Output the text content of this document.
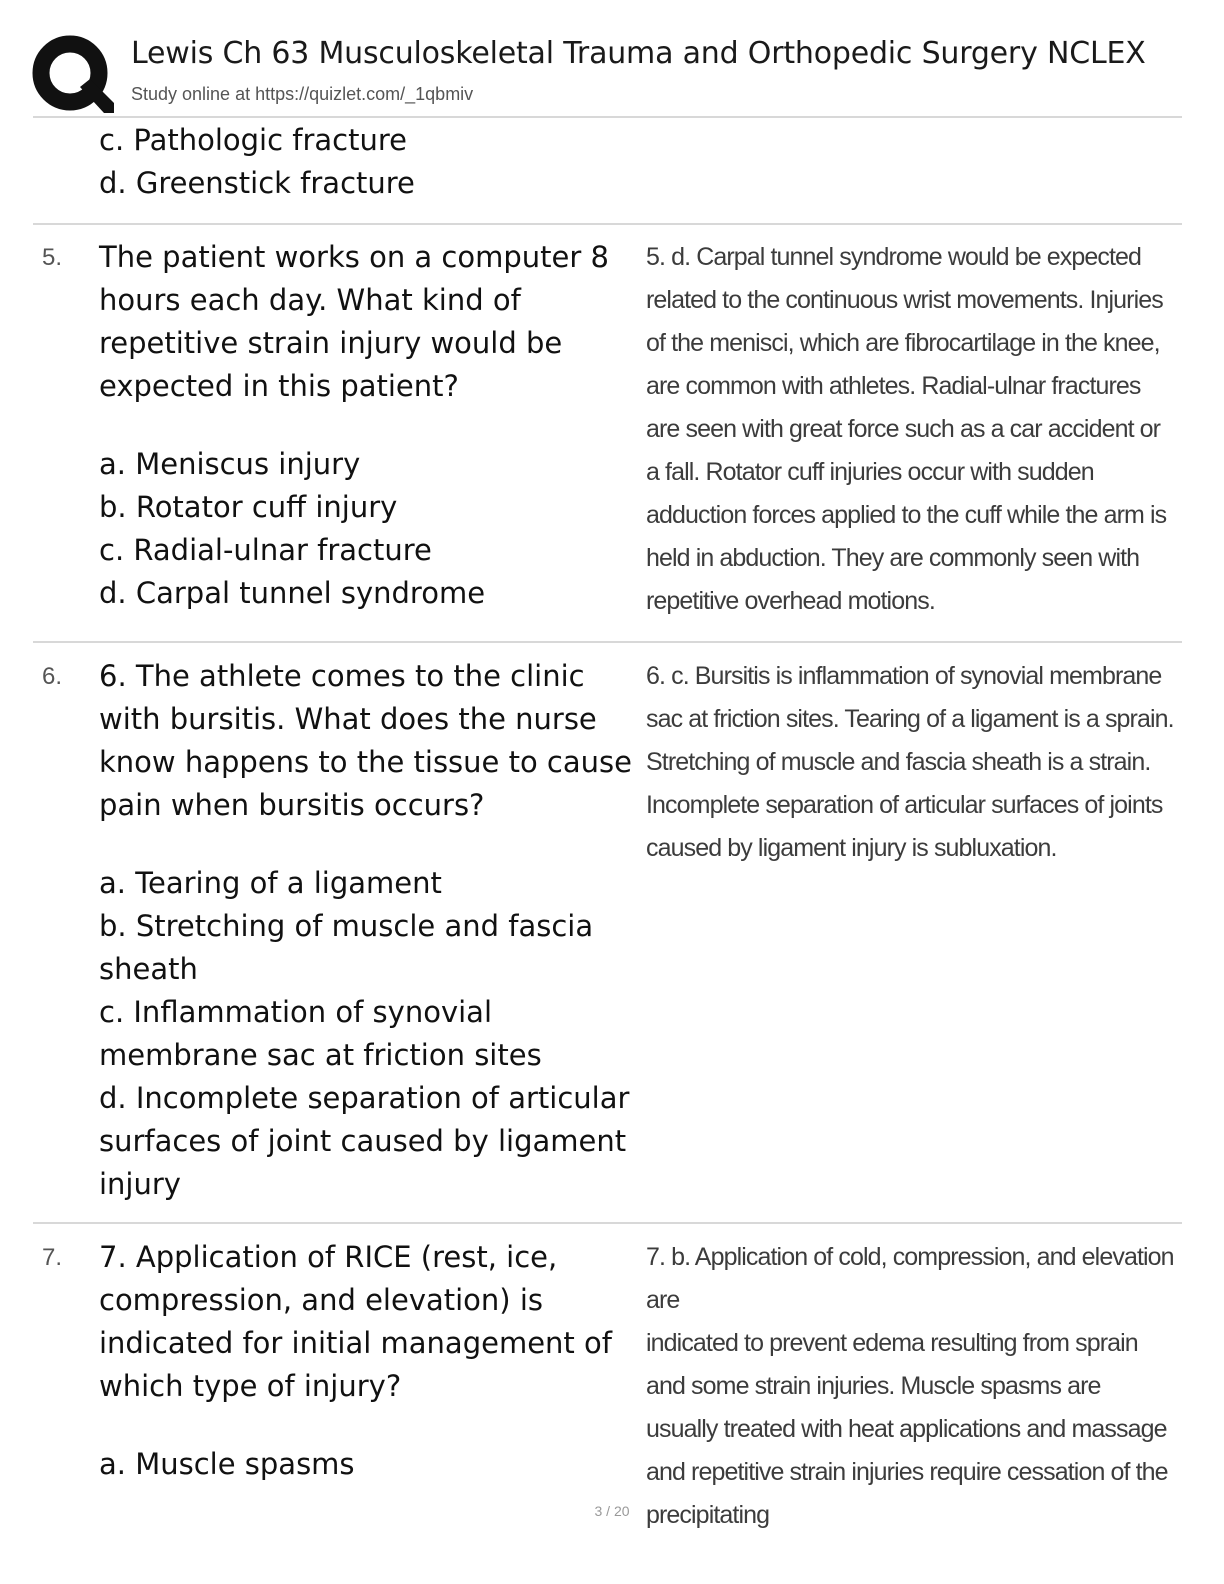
Lewis Ch 63 Musculoskeletal Trauma and Orthopedic Surgery NCLEX
Study online at https://quizlet.com/_1qbmiv
c. Pathologic fracture
d. Greenstick fracture
5. The patient works on a computer 8 hours each day. What kind of repetitive strain injury would be expected in this patient?
a. Meniscus injury
b. Rotator cuff injury
c. Radial-ulnar fracture
d. Carpal tunnel syndrome
5. d. Carpal tunnel syndrome would be expected related to the continuous wrist movements. Injuries of the menisci, which are fibrocartilage in the knee, are common with athletes. Radial-ulnar fractures are seen with great force such as a car accident or a fall. Rotator cuff injuries occur with sudden adduction forces applied to the cuff while the arm is held in abduction. They are commonly seen with repetitive overhead motions.
6. 6. The athlete comes to the clinic with bursitis. What does the nurse know happens to the tissue to cause pain when bursitis occurs?
a. Tearing of a ligament
b. Stretching of muscle and fascia sheath
c. Inflammation of synovial membrane sac at friction sites
d. Incomplete separation of articular surfaces of joint caused by ligament injury
6. c. Bursitis is inflammation of synovial membrane sac at friction sites. Tearing of a ligament is a sprain. Stretching of muscle and fascia sheath is a strain. Incomplete separation of articular surfaces of joints caused by ligament injury is subluxation.
7. 7. Application of RICE (rest, ice, compression, and elevation) is indicated for initial management of which type of injury?
a. Muscle spasms
7. b. Application of cold, compression, and elevation are
indicated to prevent edema resulting from sprain and some strain injuries. Muscle spasms are usually treated with heat applications and massage and repetitive strain injuries require cessation of the precipitating
3 / 20
